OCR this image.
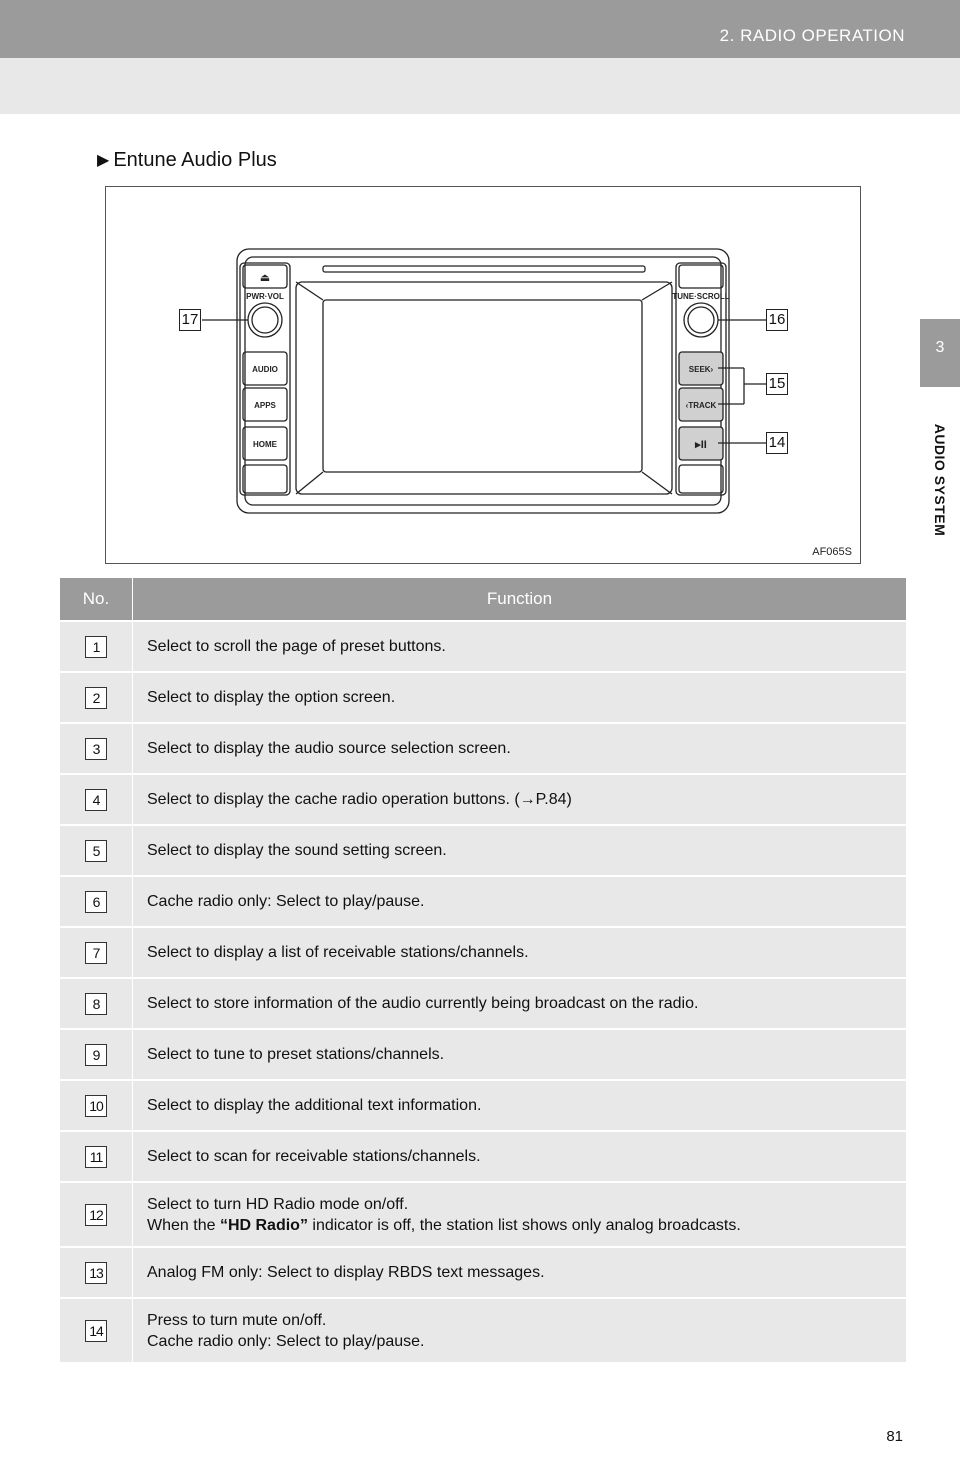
2. RADIO OPERATION
3
AUDIO SYSTEM
▶ Entune Audio Plus
⏏
PWR·VOL	TUNE·SCROLL
AUDIO
APPS
HOME
SEEK›
‹TRACK
▸II
17	16
15
14
AF065S
No.	Function
1	Select to scroll the page of preset buttons.
2	Select to display the option screen.
3	Select to display the audio source selection screen.
4	Select to display the cache radio operation buttons. (→P.84)
5	Select to display the sound setting screen.
6	Cache radio only: Select to play/pause.
7	Select to display a list of receivable stations/channels.
8	Select to store information of the audio currently being broadcast on the radio.
9	Select to tune to preset stations/channels.
10	Select to display the additional text information.
11	Select to scan for receivable stations/channels.
12	Select to turn HD Radio mode on/off.
When the “HD Radio” indicator is off, the station list shows only analog broadcasts.
13	Analog FM only: Select to display RBDS text messages.
14	Press to turn mute on/off.
Cache radio only: Select to play/pause.
81
